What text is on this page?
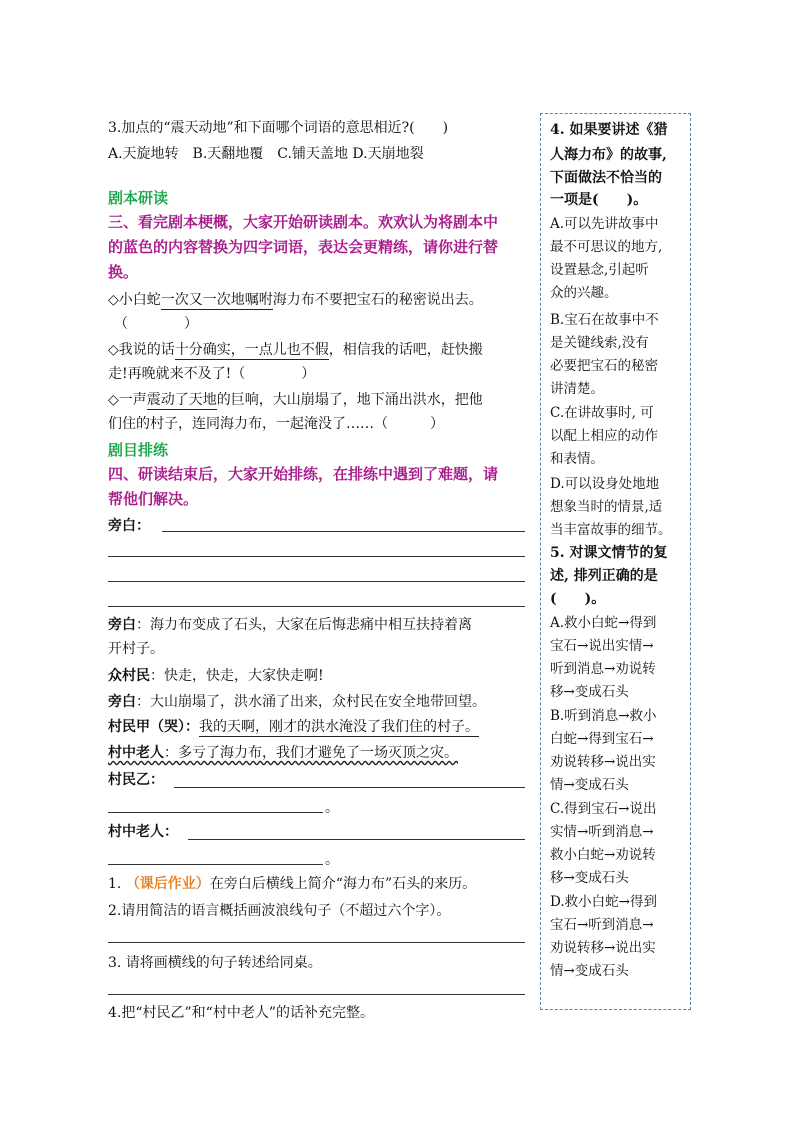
3.加点的“震天动地”和下面哪个词语的意思相近?(　　)
A.天旋地转　B.天翻地覆　C.铺天盖地 D.天崩地裂
剧本研读
三、看完剧本梗概，大家开始研读剧本。欢欢认为将剧本中
的蓝色的内容替换为四字词语，表达会更精练，请你进行替
换。
◇小白蛇一次又一次地嘱咐海力布不要把宝石的秘密说出去。
（　　　　）
◇我说的话十分确实，一点儿也不假，相信我的话吧，赶快搬
走!再晚就来不及了!（　　　　）
◇一声震动了天地的巨响，大山崩塌了，地下涌出洪水，把他
们住的村子，连同海力布，一起淹没了……（　　　）
剧目排练
四、研读结束后，大家开始排练，在排练中遇到了难题，请
帮他们解决。
旁白：
旁白：海力布变成了石头，大家在后悔悲痛中相互扶持着离
开村子。
众村民：快走，快走，大家快走啊!
旁白：大山崩塌了，洪水涌了出来，众村民在安全地带回望。
村民甲（哭）：我的天啊，刚才的洪水淹没了我们住的村子。
村中老人：多亏了海力布，我们才避免了一场灭顶之灾。
村民乙：
。
村中老人：
。
1. （课后作业）在旁白后横线上简介“海力布”石头的来历。
2.请用简洁的语言概括画波浪线句子（不超过六个字）。
3. 请将画横线的句子转述给同桌。
4.把“村民乙”和“村中老人”的话补充完整。
4. 如果要讲述《猎
人海力布》的故事,
下面做法不恰当的
一项是(　　)。
A.可以先讲故事中
最不可思议的地方,
设置悬念,引起听
众的兴趣。
B.宝石在故事中不
是关键线索,没有
必要把宝石的秘密
讲清楚。
C.在讲故事时, 可
以配上相应的动作
和表情。
D.可以设身处地地
想象当时的情景,适
当丰富故事的细节。
5. 对课文情节的复
述, 排列正确的是
(　　)。
A.救小白蛇→得到
宝石→说出实情→
听到消息→劝说转
移→变成石头
B.听到消息→救小
白蛇→得到宝石→
劝说转移→说出实
情→变成石头
C.得到宝石→说出
实情→听到消息→
救小白蛇→劝说转
移→变成石头
D.救小白蛇→得到
宝石→听到消息→
劝说转移→说出实
情→变成石头
